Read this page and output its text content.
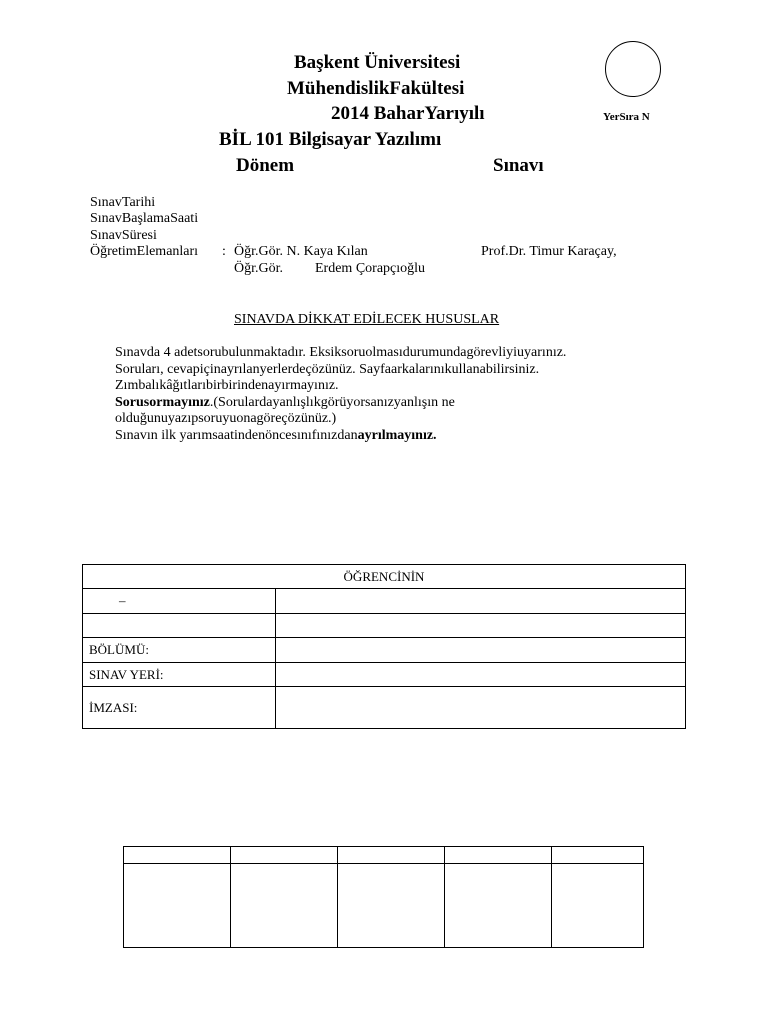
Başkent Üniversitesi
MühendislikFakültesi
2014 BaharYarıyılı
BİL 101 Bilgisayar Yazılımı
Dönem	Sınavı
YerSıra N
SınavTarihi
SınavBaşlamaSaati
SınavSüresi
ÖğretimElemanları : Öğr.Gör. N. Kaya Kılan	Prof.Dr. Timur Karaçay,
Öğr.Gör. Erdem Çorapçıoğlu
SINAVDA DİKKAT EDİLECEK HUSUSLAR
Sınavda 4 adetsorubulunmaktadır. Eksiksoruolmasıdurumundagörevliyiuyarınız.
Soruları, cevapiçinayrılanyerlerdeçözünüz. Sayfaarkalarınıkullanabilirsiniz.
Zımbalıkâğıtlarıbirbirindenayırmayınız.
Sorusormayınız.(Sorulardayanlışlıkgörüyorsanızyanlışın ne
olduğunuyazıpsoruyuonagöreçözünüz.)
Sınavın ilk yarımsaatindenöncesınıfınızdanayrılmayınız.
ÖĞRENCİNİN	
–	

BÖLÜMÜ:	
SINAV YERİ:	
İMZASI:	
